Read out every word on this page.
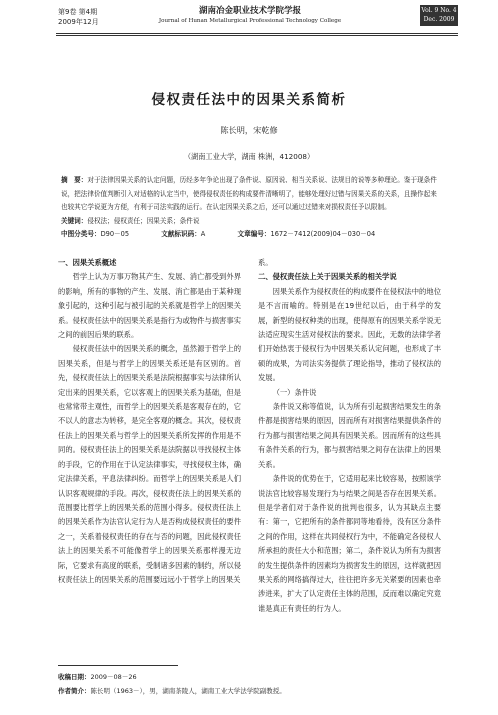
第9卷 第4期
2009年12月
湖南冶金职业技术学院学报
Journal of Hunan Metallurgical Professional Technology College
Vol. 9 No. 4
Dec. 2009
侵权责任法中的因果关系简析
陈长明，宋乾修
（湖南工业大学，湖南 株洲，412008）

摘　要：对于法律因果关系的认定问题，历经多年争论出现了条件说、原因说、相当关系说、法规目的说等多种理论。鉴于现条件说，把法律价值判断引入对适格的认定当中，使得侵权责任的构成要件清晰明了，能够处理好过错与因果关系的关系，且操作起来也较其它学说更为方便，有利于司法实践的运行。在认定因果关系之后，还可以通过过错来对损权责任予以限制。

关键词：侵权法；侵权责任；因果关系；条件说

中图分类号：D90－05	文献标识码：A	文章编号：1672－7412(2009)04－030－04

一、因果关系概述

哲学上认为万事万物其产生、发展、消亡都受到外界的影响，所有的事物的产生、发展、消亡都是由于某种现象引起的，这种引起与被引起的关系就是哲学上的因果关系。侵权责任法中的因果关系是指行为或物件与损害事实之间的前因后果的联系。

侵权责任法中的因果关系的概念，虽然源于哲学上的因果关系，但是与哲学上的因果关系还是有区别的。首先，侵权责任法上的因果关系是法院根据事实与法律所认定出来的因果关系，它以客观上的因果关系为基础，但是也常常带主观性，而哲学上的因果关系是客观存在的，它不以人的意志为转移，是完全客观的概念。其次，侵权责任法上的因果关系与哲学上的因果关系所发挥的作用是不同的。侵权责任法上的因果关系是法院据以寻找侵权主体的手段，它的作用在于认定法律事实，寻找侵权主体，确定法律关系，平息法律纠纷。而哲学上的因果关系是人们认识客观规律的手段。再次，侵权责任法上的因果关系的范围要比哲学上的因果关系的范围小得多。侵权责任法上的因果关系作为法官认定行为人是否构成侵权责任的要件之一，关系着侵权责任的存在与否的问题，因此侵权责任法上的因果关系不可能像哲学上的因果关系那样漫无边际，它要求有高度的联系，受制诸多因素的制约，所以侵权责任法上的因果关系的范围要远远小于哲学上的因果关

系。

二、侵权责任法上关于因果关系的相关学说

因果关系作为侵权责任的构成要件在侵权法中的地位是不言而喻的。特别是在19世纪以后，由于科学的发展，新型的侵权种类的出现，使得原有的因果关系学说无法适应现实生活对侵权法的要求。因此，无数的法律学者们开始热衷于侵权行为中因果关系认定问题，也形成了丰硕的成果，为司法实务提供了理论指导，推动了侵权法的发展。

（一）条件说

条件说又称等值说，认为所有引起损害结果发生的条件都是损害结果的原因，因而所有对损害结果提供条件的行为都与损害结果之间具有因果关系。因而所有的这些具有条件关系的行为，都与损害结果之间存在法律上的因果关系。

条件说的优势在于，它适用起来比较容易，按照该学说法官比较容易发现行为与结果之间是否存在因果关系。但是学者们对于条件说的批判也很多，认为其缺点主要有：第一，它把所有的条件都同等地看待，没有区分条件之间的作用，这样在共同侵权行为中，不能确定各侵权人所承担的责任大小和范围；第二，条件说认为所有为损害的发生提供条件的因素均为损害发生的原因，这样就把因果关系的网络搞得过大，往往把许多无关紧要的因素也牵涉进来，扩大了认定责任主体的范围，反而难以确定究竟谁是真正有责任的行为人。

收稿日期：2009－08－26
作者简介：陈长明（1963－），男，湖南茶陵人，湖南工业大学法学院副教授。
